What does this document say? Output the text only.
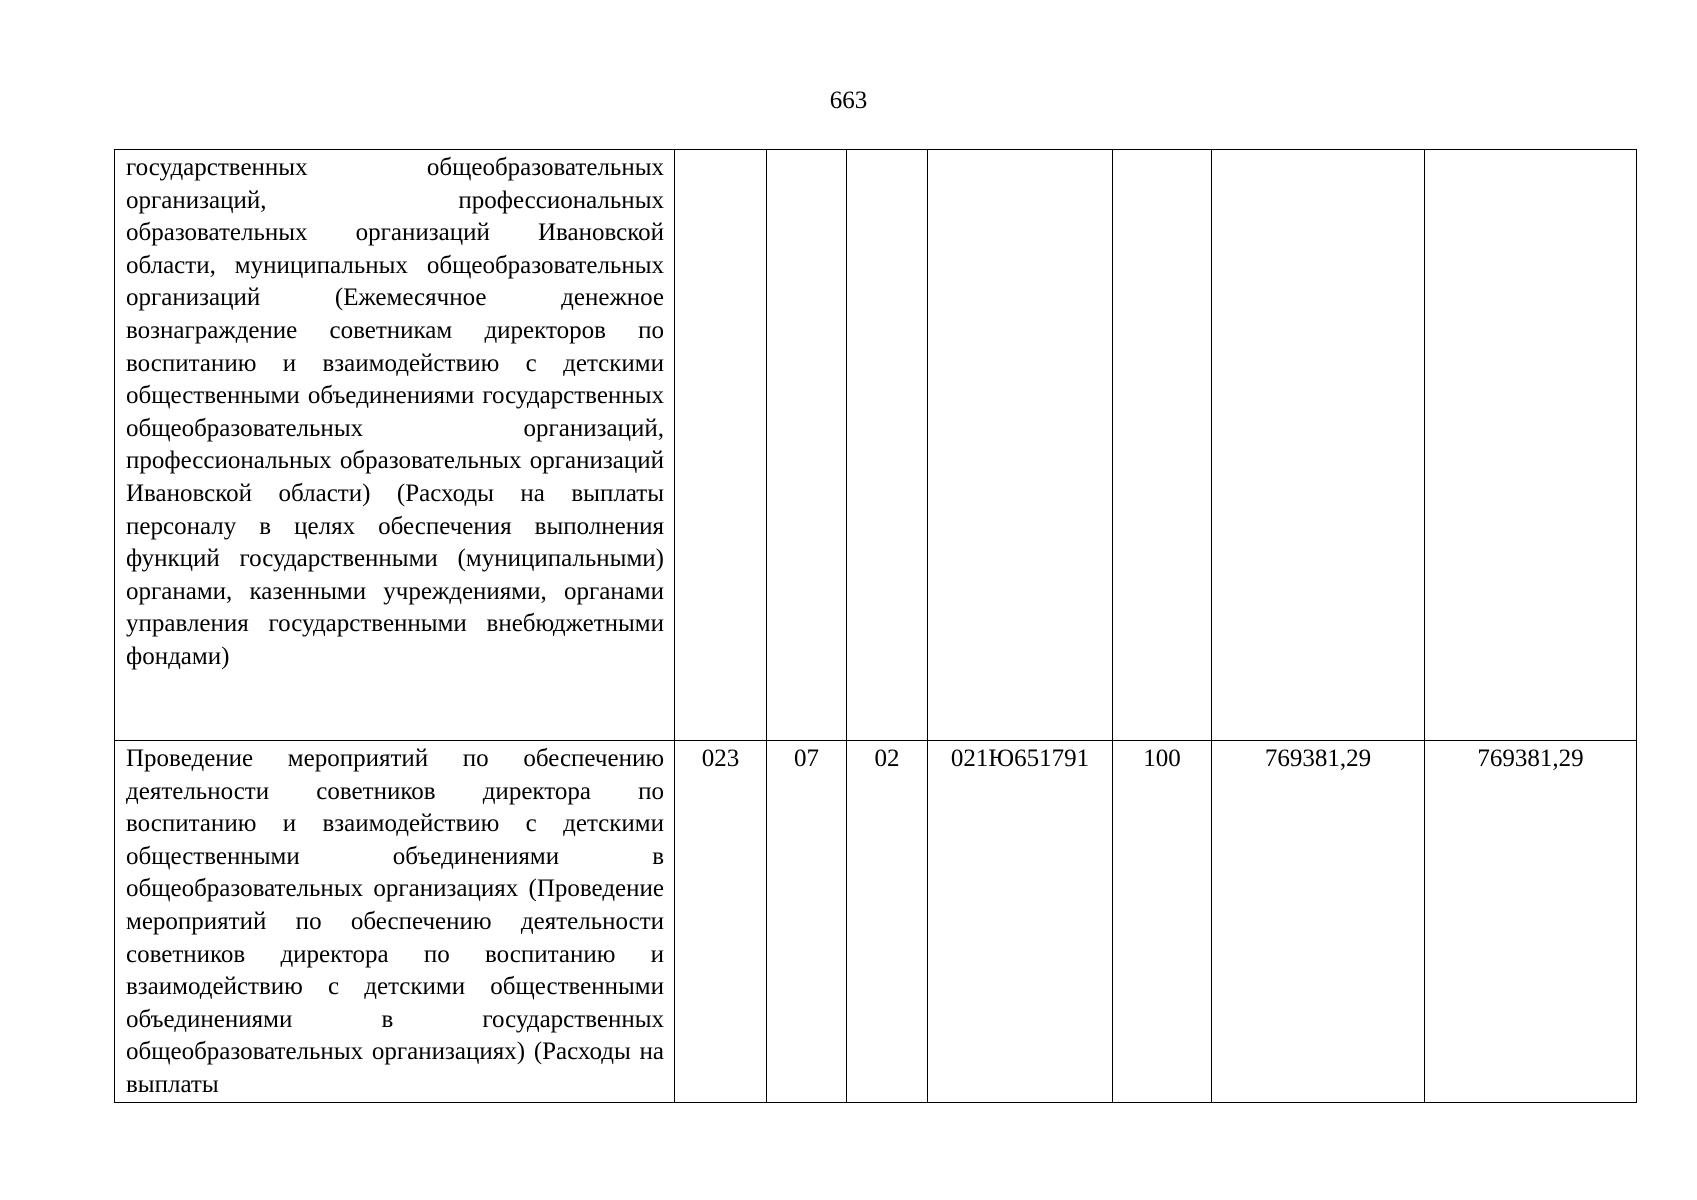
663
государственных общеобразовательных организаций, профессиональных образовательных организаций Ивановской области, муниципальных общеобразовательных организаций (Ежемесячное денежное вознаграждение советникам директоров по воспитанию и взаимодействию с детскими общественными объединениями государственных общеобразовательных организаций, профессиональных образовательных организаций Ивановской области) (Расходы на выплаты персоналу в целях обеспечения выполнения функций государственными (муниципальными) органами, казенными учреждениями, органами управления государственными внебюджетными фондами)							
Проведение мероприятий по обеспечению деятельности советников директора по воспитанию и взаимодействию с детскими общественными объединениями в общеобразовательных организациях (Проведение мероприятий по обеспечению деятельности советников директора по воспитанию и взаимодействию с детскими общественными объединениями в государственных общеобразовательных организациях) (Расходы на выплаты	023	07	02	021Ю651791	100	769381,29	769381,29
